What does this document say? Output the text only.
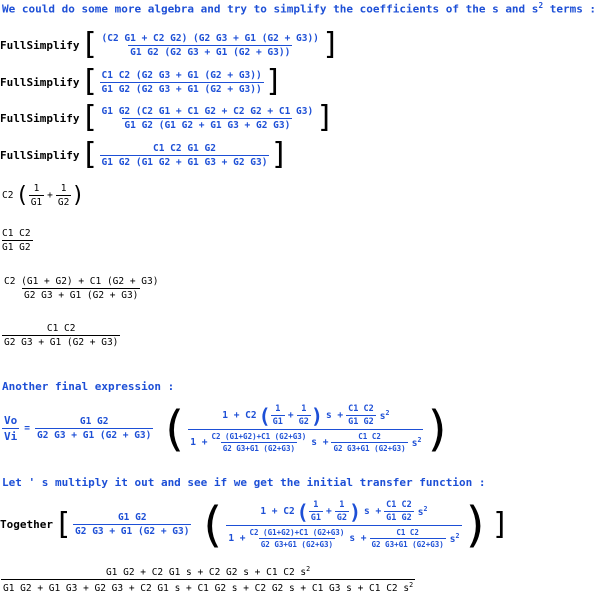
We could do some more algebra and try to simplify the coefficients of the s and $s^2$ terms :
FullSimplify [ $\frac{(C2 G1 + C2 G2) (G2 G3 + G1 (G2 + G3))}{G1 G2 (G2 G3 + G1 (G2 + G3))}$ ]
FullSimplify [ $\frac{C1 C2 (G2 G3 + G1 (G2 + G3))}{G1 G2 (G2 G3 + G1 (G2 + G3))}$ ]
FullSimplify [ $\frac{G1 G2 (C2 G1 + C1 G2 + C2 G2 + C1 G3)}{G1 G2 (G1 G2 + G1 G3 + G2 G3)}$ ]
FullSimplify [ $\frac{C1 C2 G1 G2}{G1 G2 (G1 G2 + G1 G3 + G2 G3)}$ ]
C2 ( $\frac{1}{G1} + \frac{1}{G2}$ )
$\frac{C1 C2}{G1 G2}$
$\frac{C2 (G1 + G2) + C1 (G2 + G3)}{G2 G3 + G1 (G2 + G3)}$
$\frac{C1 C2}{G2 G3 + G1 (G2 + G3)}$
Another final expression :
$\frac{Vo}{Vi} = \frac{G1 G2}{G2 G3 + G1 (G2 + G3)}$ (	1 + C2 ( $\frac{1}{G1} + \frac{1}{G2}$ ) $s + \frac{C1 C2}{G1 G2} s^2$
$1 + \frac{C2 (G1+G2)+C1 (G2+G3)}{G2 G3+G1 (G2+G3)}$ $s + \frac{C1 C2}{G2 G3+G1 (G2+G3)} s^2$ )
Let ' s multiply it out and see if we get the initial transfer function :
Together [ $\frac{G1 G2}{G2 G3 + G1 (G2 + G3)}$ (	1 + C2 ( $\frac{1}{G1} + \frac{1}{G2}$ ) $s + \frac{C1 C2}{G1 G2} s^2$
$1 + \frac{C2 (G1+G2)+C1 (G2+G3)}{G2 G3+G1 (G2+G3)}$ $s + \frac{C1 C2}{G2 G3+G1 (G2+G3)} s^2$ ) ]
G1 G2 + C2 G1 s + C2 G2 s + C1 C2 $s^2$
G1 G2 + G1 G3 + G2 G3 + C2 G1 s + C1 G2 s + C2 G2 s + C1 G3 s + C1 C2 $s^2$
